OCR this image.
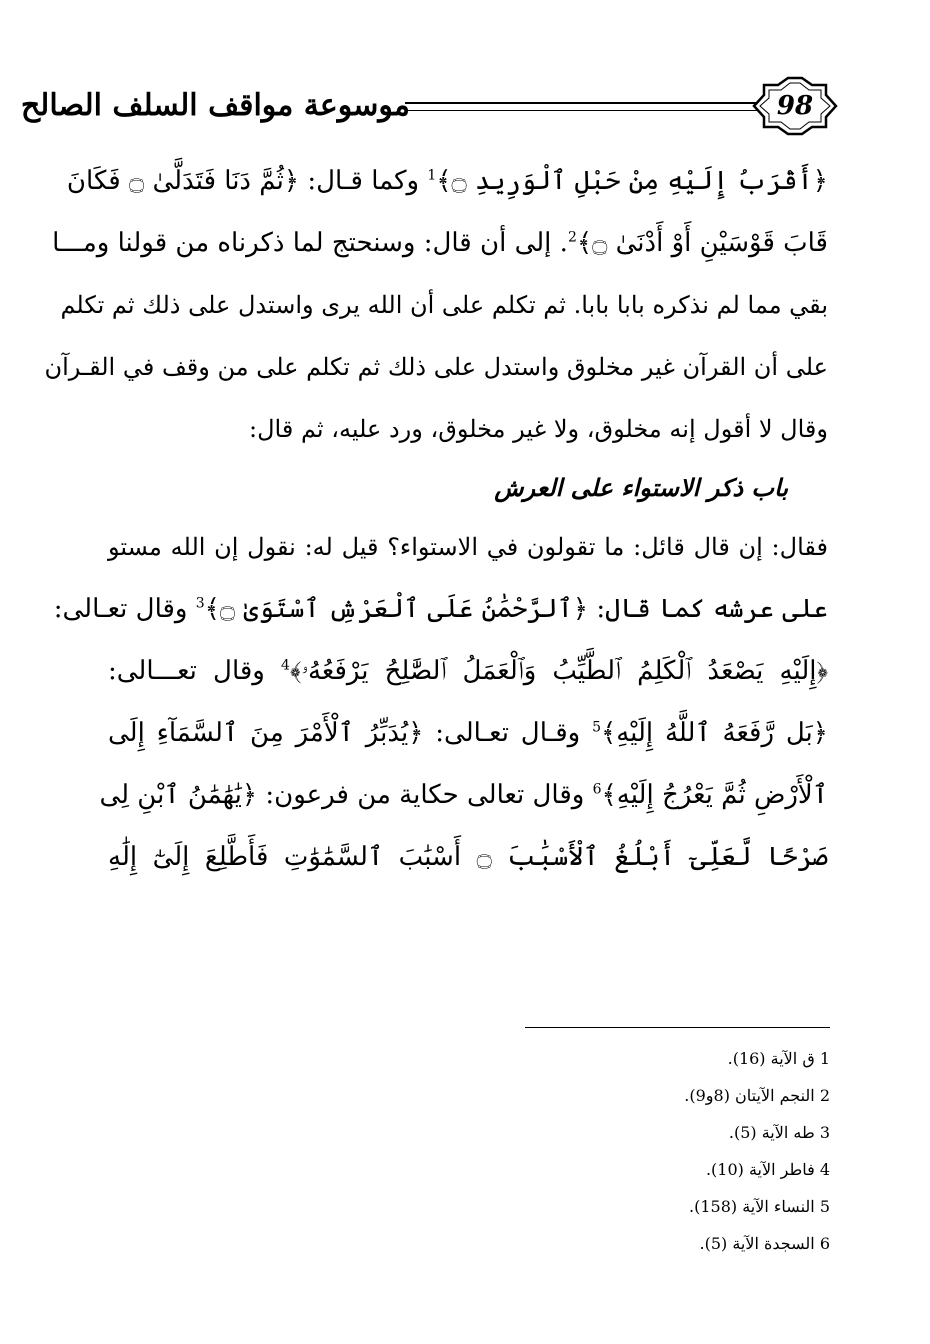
موسوعة مواقف السلف الصالح	98
﴿أَقْرَبُ إِلَيْهِ مِنْ حَبْلِ ٱلْوَرِيدِ ۝﴾$^1$ وكما قـال: ﴿ثُمَّ دَنَا فَتَدَلَّىٰ ۝ فَكَانَ
قَابَ قَوْسَيْنِ أَوْ أَدْنَىٰ ۝﴾$^2$. إلى أن قال: وسنحتج لما ذكرناه من قولنا ومـــا
بقي مما لم نذكره بابا بابا. ثم تكلم على أن الله يرى واستدل على ذلك ثم تكلم
على أن القرآن غير مخلوق واستدل على ذلك ثم تكلم على من وقف في القـرآن
وقال لا أقول إنه مخلوق، ولا غير مخلوق، ورد عليه، ثم قال:
باب ذكر الاستواء على العرش
فقال: إن قال قائل: ما تقولون في الاستواء؟ قيل له: نقول إن الله مستو
على عرشه كما قال: ﴿ٱلرَّحْمَٰنُ عَلَى ٱلْعَرْشِ ٱسْتَوَىٰ ۝﴾$^3$ وقال تعـالى:
﴿إِلَيْهِ يَصْعَدُ ٱلْكَلِمُ ٱلطَّيِّبُ وَٱلْعَمَلُ ٱلصَّٰلِحُ يَرْفَعُهُۥ﴾$^4$ وقال تعـــالى:
﴿بَل رَّفَعَهُ ٱللَّهُ إِلَيْهِ﴾$^5$ وقـال تعـالى: ﴿يُدَبِّرُ ٱلْأَمْرَ مِنَ ٱلسَّمَآءِ إِلَى
ٱلْأَرْضِ ثُمَّ يَعْرُجُ إِلَيْهِ﴾$^6$ وقال تعالى حكاية من فرعون: ﴿يَٰهَٰمَٰنُ ٱبْنِ لِى
صَرْحًا لَّعَلِّىٓ أَبْلُغُ ٱلْأَسْبَٰبَ ۝ أَسْبَٰبَ ٱلسَّمَٰوَٰتِ فَأَطَّلِعَ إِلَىٰٓ إِلَٰهِ
1 ق الآية (16).
2 النجم الآيتان (8و9).
3 طه الآية (5).
4 فاطر الآية (10).
5 النساء الآية (158).
6 السجدة الآية (5).
